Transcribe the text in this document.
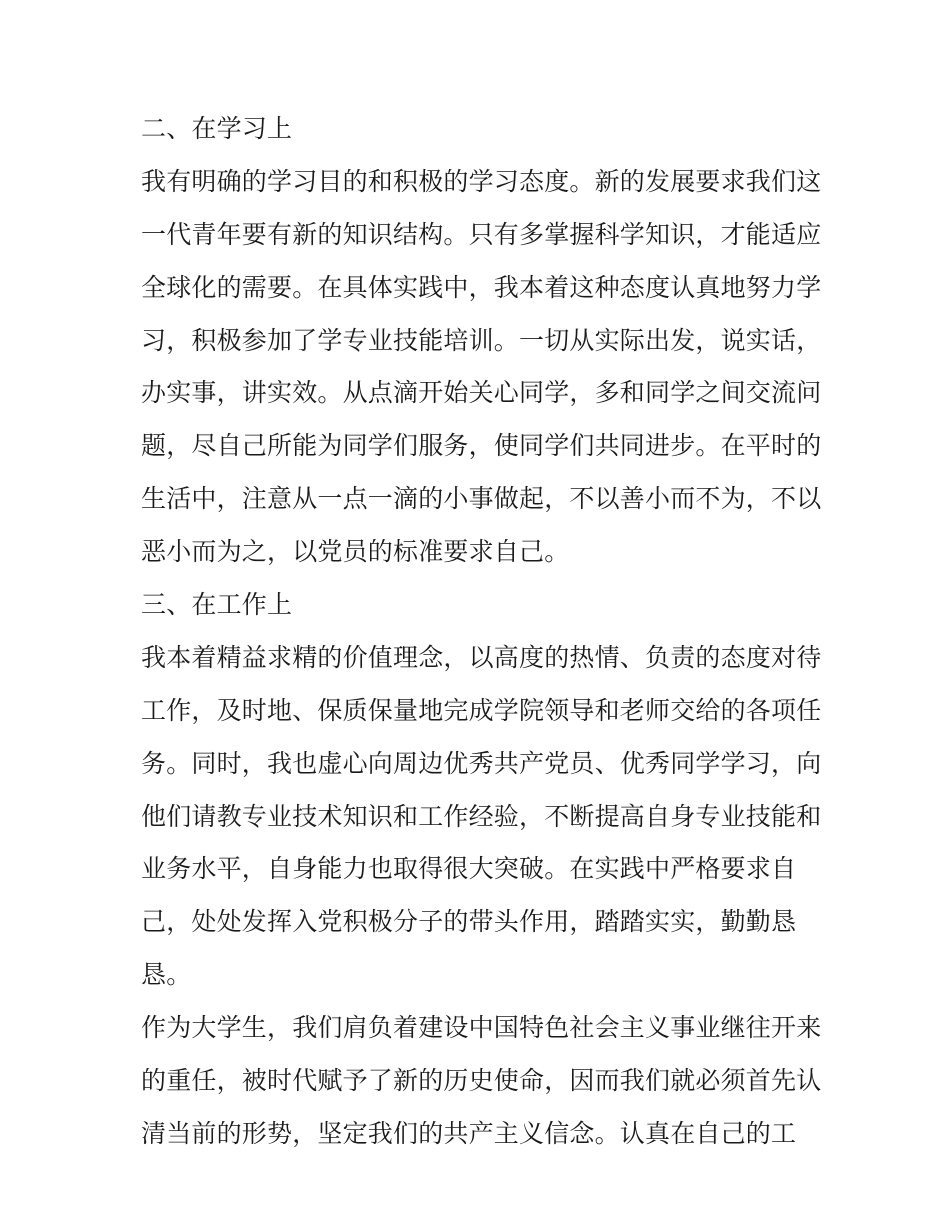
二、在学习上
我有明确的学习目的和积极的学习态度。新的发展要求我们这
一代青年要有新的知识结构。只有多掌握科学知识，才能适应
全球化的需要。在具体实践中，我本着这种态度认真地努力学
习，积极参加了学专业技能培训。一切从实际出发，说实话，
办实事，讲实效。从点滴开始关心同学，多和同学之间交流问
题，尽自己所能为同学们服务，使同学们共同进步。在平时的
生活中，注意从一点一滴的小事做起，不以善小而不为，不以
恶小而为之，以党员的标准要求自己。
三、在工作上
我本着精益求精的价值理念，以高度的热情、负责的态度对待
工作，及时地、保质保量地完成学院领导和老师交给的各项任
务。同时，我也虚心向周边优秀共产党员、优秀同学学习，向
他们请教专业技术知识和工作经验，不断提高自身专业技能和
业务水平，自身能力也取得很大突破。在实践中严格要求自
己，处处发挥入党积极分子的带头作用，踏踏实实，勤勤恳
恳。
作为大学生，我们肩负着建设中国特色社会主义事业继往开来
的重任，被时代赋予了新的历史使命，因而我们就必须首先认
清当前的形势，坚定我们的共产主义信念。认真在自己的工
